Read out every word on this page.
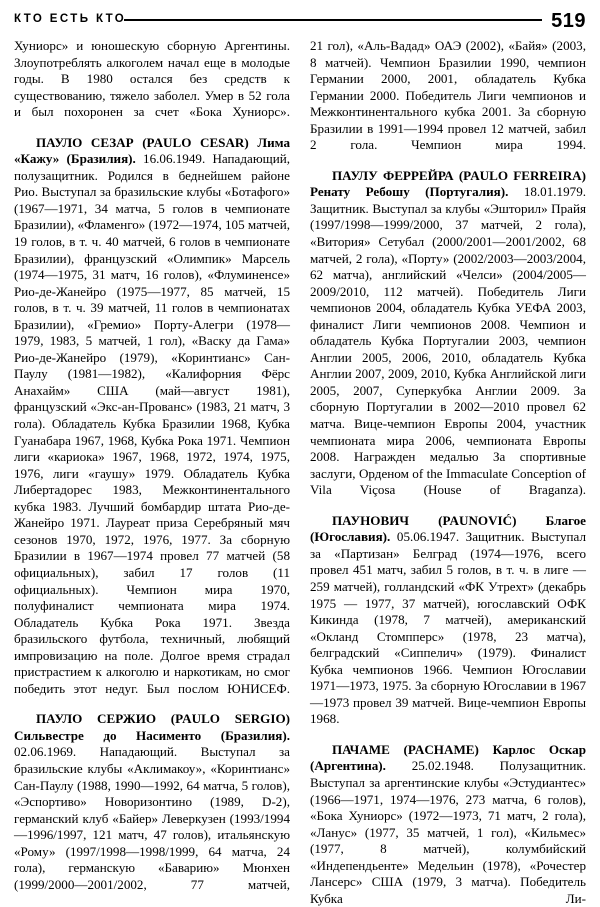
КТО ЕСТЬ КТО	519

Хуниорс» и юношескую сборную Аргентины. Злоупотреблять алкоголем начал еще в молодые годы. В 1980 остался без средств к существованию, тяжело заболел. Умер в 52 гола и был похоронен за счет «Бока Хуниорс».

ПАУЛО СЕЗАР (PAULO CESAR) Лима «Кажу» (Бразилия). 16.06.1949. Нападающий, полузащитник. Родился в беднейшем районе Рио. Выступал за бразильские клубы «Ботафого» (1967—1971, 34 матча, 5 голов в чемпионате Бразилии), «Фламенго» (1972—1974, 105 матчей, 19 голов, в т. ч. 40 матчей, 6 голов в чемпионате Бразилии), французский «Олимпик» Марсель (1974—1975, 31 матч, 16 голов), «Флуминенсе» Рио-де-Жанейро (1975—1977, 85 матчей, 15 голов, в т. ч. 39 матчей, 11 голов в чемпионатах Бразилии), «Гремио» Порту-Алегри (1978—1979, 1983, 5 матчей, 1 гол), «Васку да Гама» Рио-де-Жанейро (1979), «Коринтианс» Сан-Паулу (1981—1982), «Калифорния Фёрс Анахайм» США (май—август 1981), французский «Экс-ан-Прованс» (1983, 21 матч, 3 гола). Обладатель Кубка Бразилии 1968, Кубка Гуанабара 1967, 1968, Кубка Рока 1971. Чемпион лиги «кариока» 1967, 1968, 1972, 1974, 1975, 1976, лиги «гаушу» 1979. Обладатель Кубка Либертадорес 1983, Межконтинентального кубка 1983. Лучший бомбардир штата Рио-де-Жанейро 1971. Лауреат приза Серебряный мяч сезонов 1970, 1972, 1976, 1977. За сборную Бразилии в 1967—1974 провел 77 матчей (58 официальных), забил 17 голов (11 официальных). Чемпион мира 1970, полуфиналист чемпионата мира 1974. Обладатель Кубка Рока 1971. Звезда бразильского футбола, техничный, любящий импровизацию на поле. Долгое время страдал пристрастием к алкоголю и наркотикам, но смог победить этот недуг. Был послом ЮНИСЕФ.

ПАУЛО СЕРЖИО (PAULO SERGIO) Сильвестре до Насименто (Бразилия). 02.06.1969. Нападающий. Выступал за бразильские клубы «Аклимакоу», «Коринтианс» Сан-Паулу (1988, 1990—1992, 64 матча, 5 голов), «Эспортиво» Новоризонтино (1989, D-2), германский клуб «Байер» Леверкузен (1993/1994—1996/1997, 121 матч, 47 голов), итальянскую «Рому» (1997/1998—1998/1999, 64 матча, 24 гола), германскую «Баварию» Мюнхен (1999/2000—2001/2002, 77 матчей,

21 гол), «Аль-Вадад» ОАЭ (2002), «Байя» (2003, 8 матчей). Чемпион Бразилии 1990, чемпион Германии 2000, 2001, обладатель Кубка Германии 2000. Победитель Лиги чемпионов и Межконтинентального кубка 2001. За сборную Бразилии в 1991—1994 провел 12 матчей, забил 2 гола. Чемпион мира 1994.

ПАУЛУ ФЕРРЕЙРА (PAULO FERREIRA) Ренату Ребошу (Португалия). 18.01.1979. Защитник. Выступал за клубы «Эшторил» Прайя (1997/1998—1999/2000, 37 матчей, 2 гола), «Витория» Сетубал (2000/2001—2001/2002, 68 матчей, 2 гола), «Порту» (2002/2003—2003/2004, 62 матча), английский «Челси» (2004/2005—2009/2010, 112 матчей). Победитель Лиги чемпионов 2004, обладатель Кубка УЕФА 2003, финалист Лиги чемпионов 2008. Чемпион и обладатель Кубка Португалии 2003, чемпион Англии 2005, 2006, 2010, обладатель Кубка Англии 2007, 2009, 2010, Кубка Английской лиги 2005, 2007, Суперкубка Англии 2009. За сборную Португалии в 2002—2010 провел 62 матча. Вице-чемпион Европы 2004, участник чемпионата мира 2006, чемпионата Европы 2008. Награжден медалью За спортивные заслуги, Орденом of the Immaculate Conception of Vila Viçosa (House of Braganza).

ПАУНОВИЧ (PAUNOVIĆ) Благое (Югославия). 05.06.1947. Защитник. Выступал за «Партизан» Белград (1974—1976, всего провел 451 матч, забил 5 голов, в т. ч. в лиге — 259 матчей), голландский «ФК Утрехт» (декабрь 1975 — 1977, 37 матчей), югославский ОФК Кикинда (1978, 7 матчей), американский «Окланд Стомпперс» (1978, 23 матча), белградский «Сиппелич» (1979). Финалист Кубка чемпионов 1966. Чемпион Югославии 1971—1973, 1975. За сборную Югославии в 1967—1973 провел 39 матчей. Вице-чемпион Европы 1968.

ПАЧАМЕ (PACHAME) Карлос Оскар (Аргентина). 25.02.1948. Полузащитник. Выступал за аргентинские клубы «Эстудиантес» (1966—1971, 1974—1976, 273 матча, 6 голов), «Бока Хуниорс» (1972—1973, 71 матч, 2 гола), «Ланус» (1977, 35 матчей, 1 гол), «Кильмес» (1977, 8 матчей), колумбийский «Индепендьенте» Медельин (1978), «Рочестер Лансерс» США (1979, 3 матча). Победитель Кубка Ли-
